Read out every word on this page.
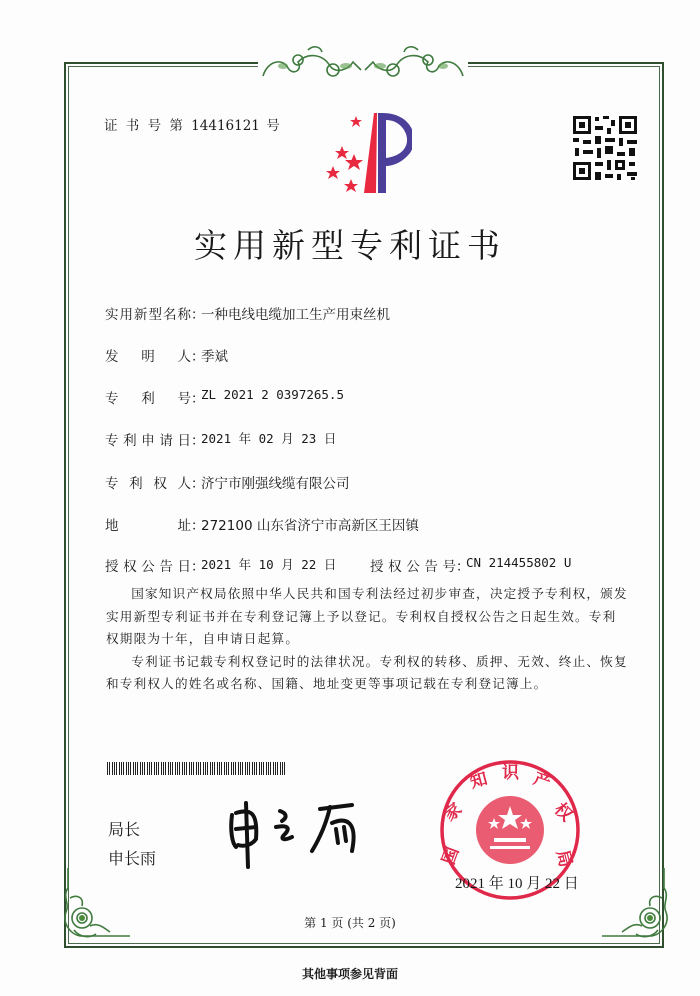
证 书 号 第 14416121 号
实用新型专利证书
实用新型名称 ：
一种电线电缆加工生产用束丝机
发明人 ：
季斌
专利号 ：
ZL 2021 2 0397265.5
专利申请日 ：
2021 年 02 月 23 日
专利权人 ：
济宁市刚强线缆有限公司
地址 ：
272100 山东省济宁市高新区王因镇
授权公告日 ：
2021 年 10 月 22 日 授权公告号 ：
CN 214455802 U

国家知识产权局依照中华人民共和国专利法经过初步审查，决定授予专利权，颁发实用新型专利证书并在专利登记簿上予以登记。专利权自授权公告之日起生效。专利权期限为十年，自申请日起算。

专利证书记载专利权登记时的法律状况。专利权的转移、质押、无效、终止、恢复和专利权人的姓名或名称、国籍、地址变更等事项记载在专利登记簿上。

局长
申长雨	国
家
知 识 产
权
局
2021 年 10 月 22 日
第 1 页 (共 2 页)
其他事项参见背面
